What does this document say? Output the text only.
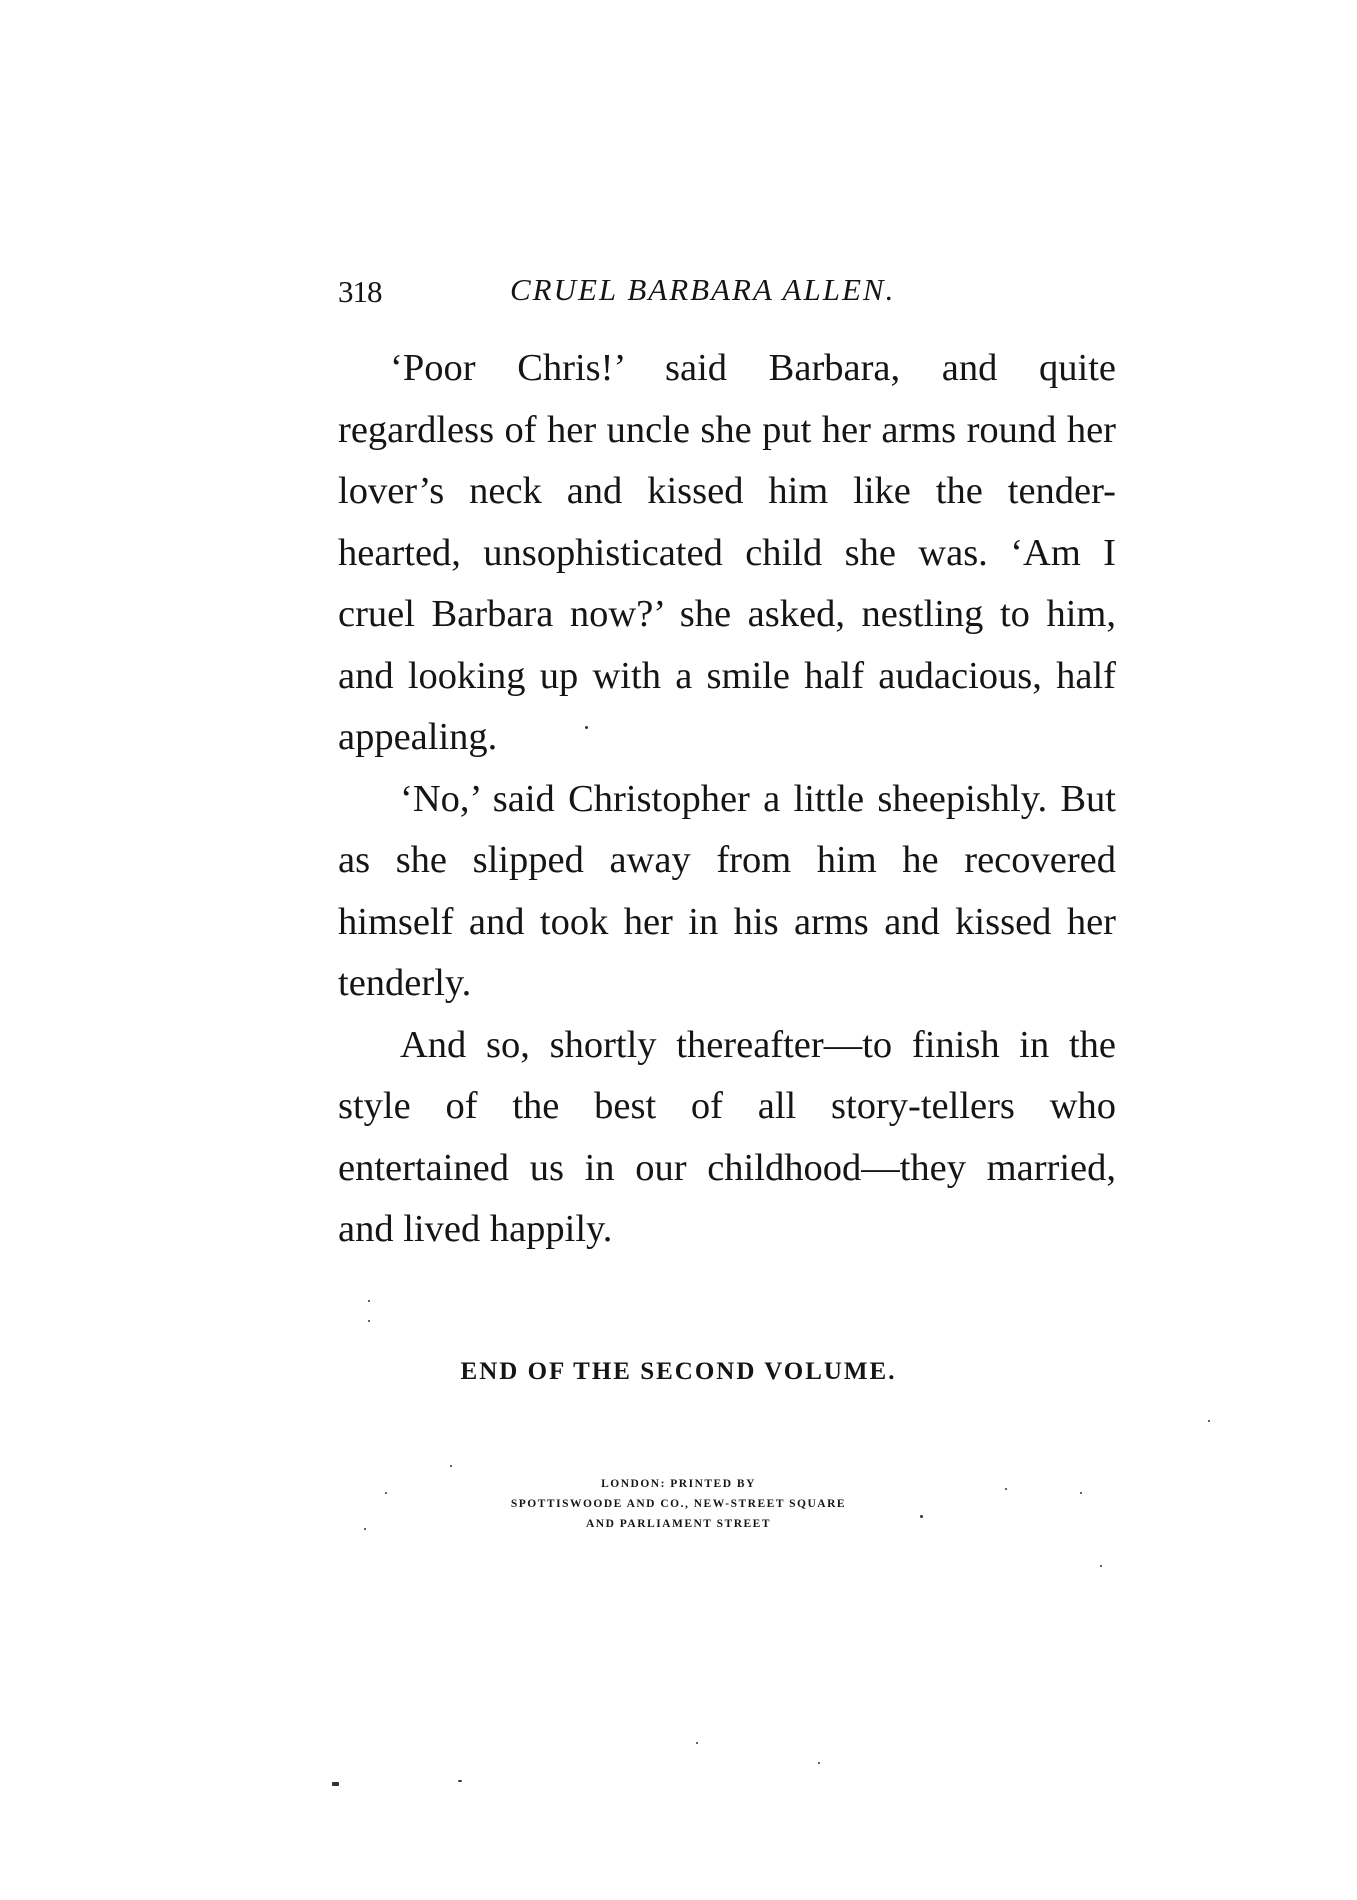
318	CRUEL BARBARA ALLEN.

‘Poor Chris!’ said Barbara, and quite regardless of her uncle she put her arms round her lover’s neck and kissed him like the tender-hearted, unsophisticated child she was. ‘Am I cruel Barbara now?’ she asked, nestling to him, and looking up with a smile half audacious, half appealing.

‘No,’ said Christopher a little sheepishly. But as she slipped away from him he recovered himself and took her in his arms and kissed her tenderly.

And so, shortly thereafter—to finish in the style of the best of all story-tellers who entertained us in our childhood—they married, and lived happily.

END OF THE SECOND VOLUME.
LONDON: PRINTED BY
SPOTTISWOODE AND CO., NEW-STREET SQUARE
AND PARLIAMENT STREET
